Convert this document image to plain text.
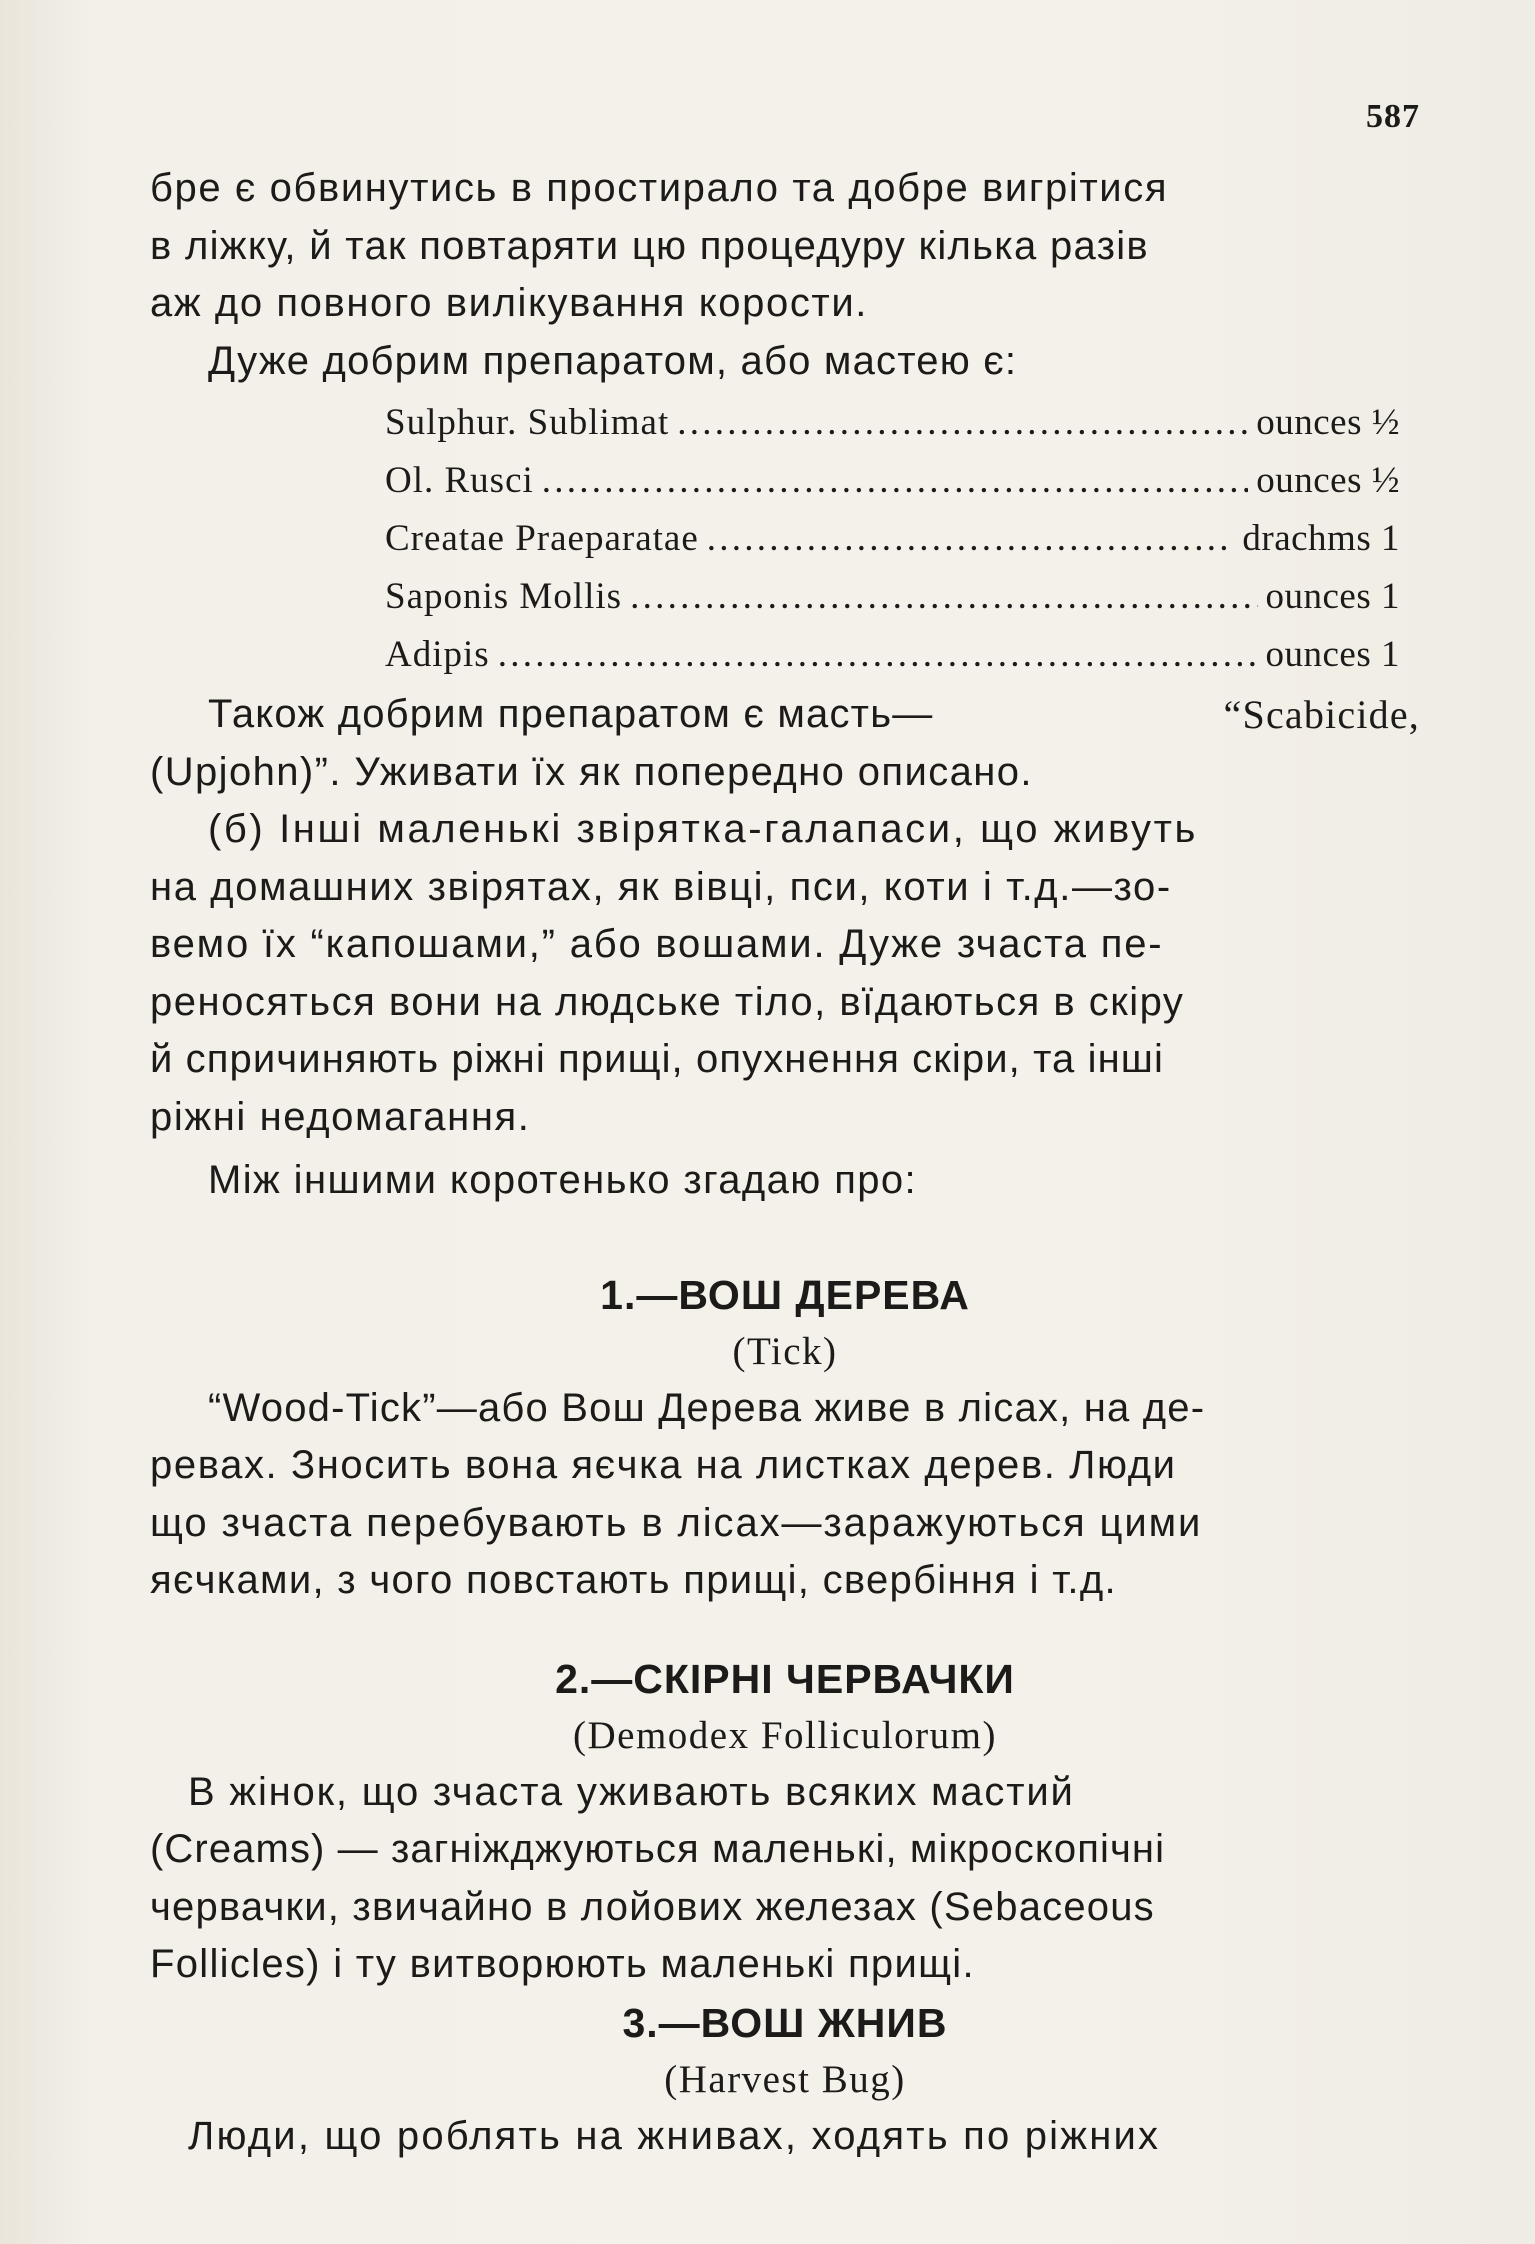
587
бре є обвинутись в простирало та добре вигрітися
в ліжку, й так повтаряти цю процедуру кілька разів
аж до повного вилікування корости.
Дуже добрим препаратом, або мастею є:
Sulphur. Sublimat . . .	ounces ½
Ol. Rusci . . .	ounces ½
Creatae Praeparatae . . .	drachms 1
Saponis Mollis . . .	ounces 1
Adipis . . .	ounces 1
Також добрим препаратом є масть—	“Scabicide,
(Upjohn)”. Уживати їх як попередно описано.
(б) Інші маленькі звірятка-галапаси, що живуть
на домашних звірятах, як вівці, пси, коти і т.д.—зо-
вемо їх “капошами,” або вошами. Дуже зчаста пе-
реносяться вони на людське тіло, вїдаються в скіру
й спричиняють ріжні прищі, опухнення скіри, та інші
ріжні недомагання.
Між іншими коротенько згадаю про:
1.—ВОШ ДЕРЕВА
(Tick)
“Wood-Tick”—або Вош Дерева живе в лісах, на де-
ревах. Зносить вона яєчка на листках дерев. Люди
що зчаста перебувають в лісах—заражуються цими
яєчками, з чого повстають прищі, свербіння і т.д.
2.—СКІРНІ ЧЕРВАЧКИ
(Demodex Folliculorum)
В жінок, що зчаста уживають всяких мастий
(Creams) — загніжджуються маленькі, мікроскопічні
червачки, звичайно в лойових железах (Sebaceous
Follicles) і ту витворюють маленькі прищі.
3.—ВОШ ЖНИВ
(Harvest Bug)
Люди, що роблять на жнивах, ходять по ріжних
